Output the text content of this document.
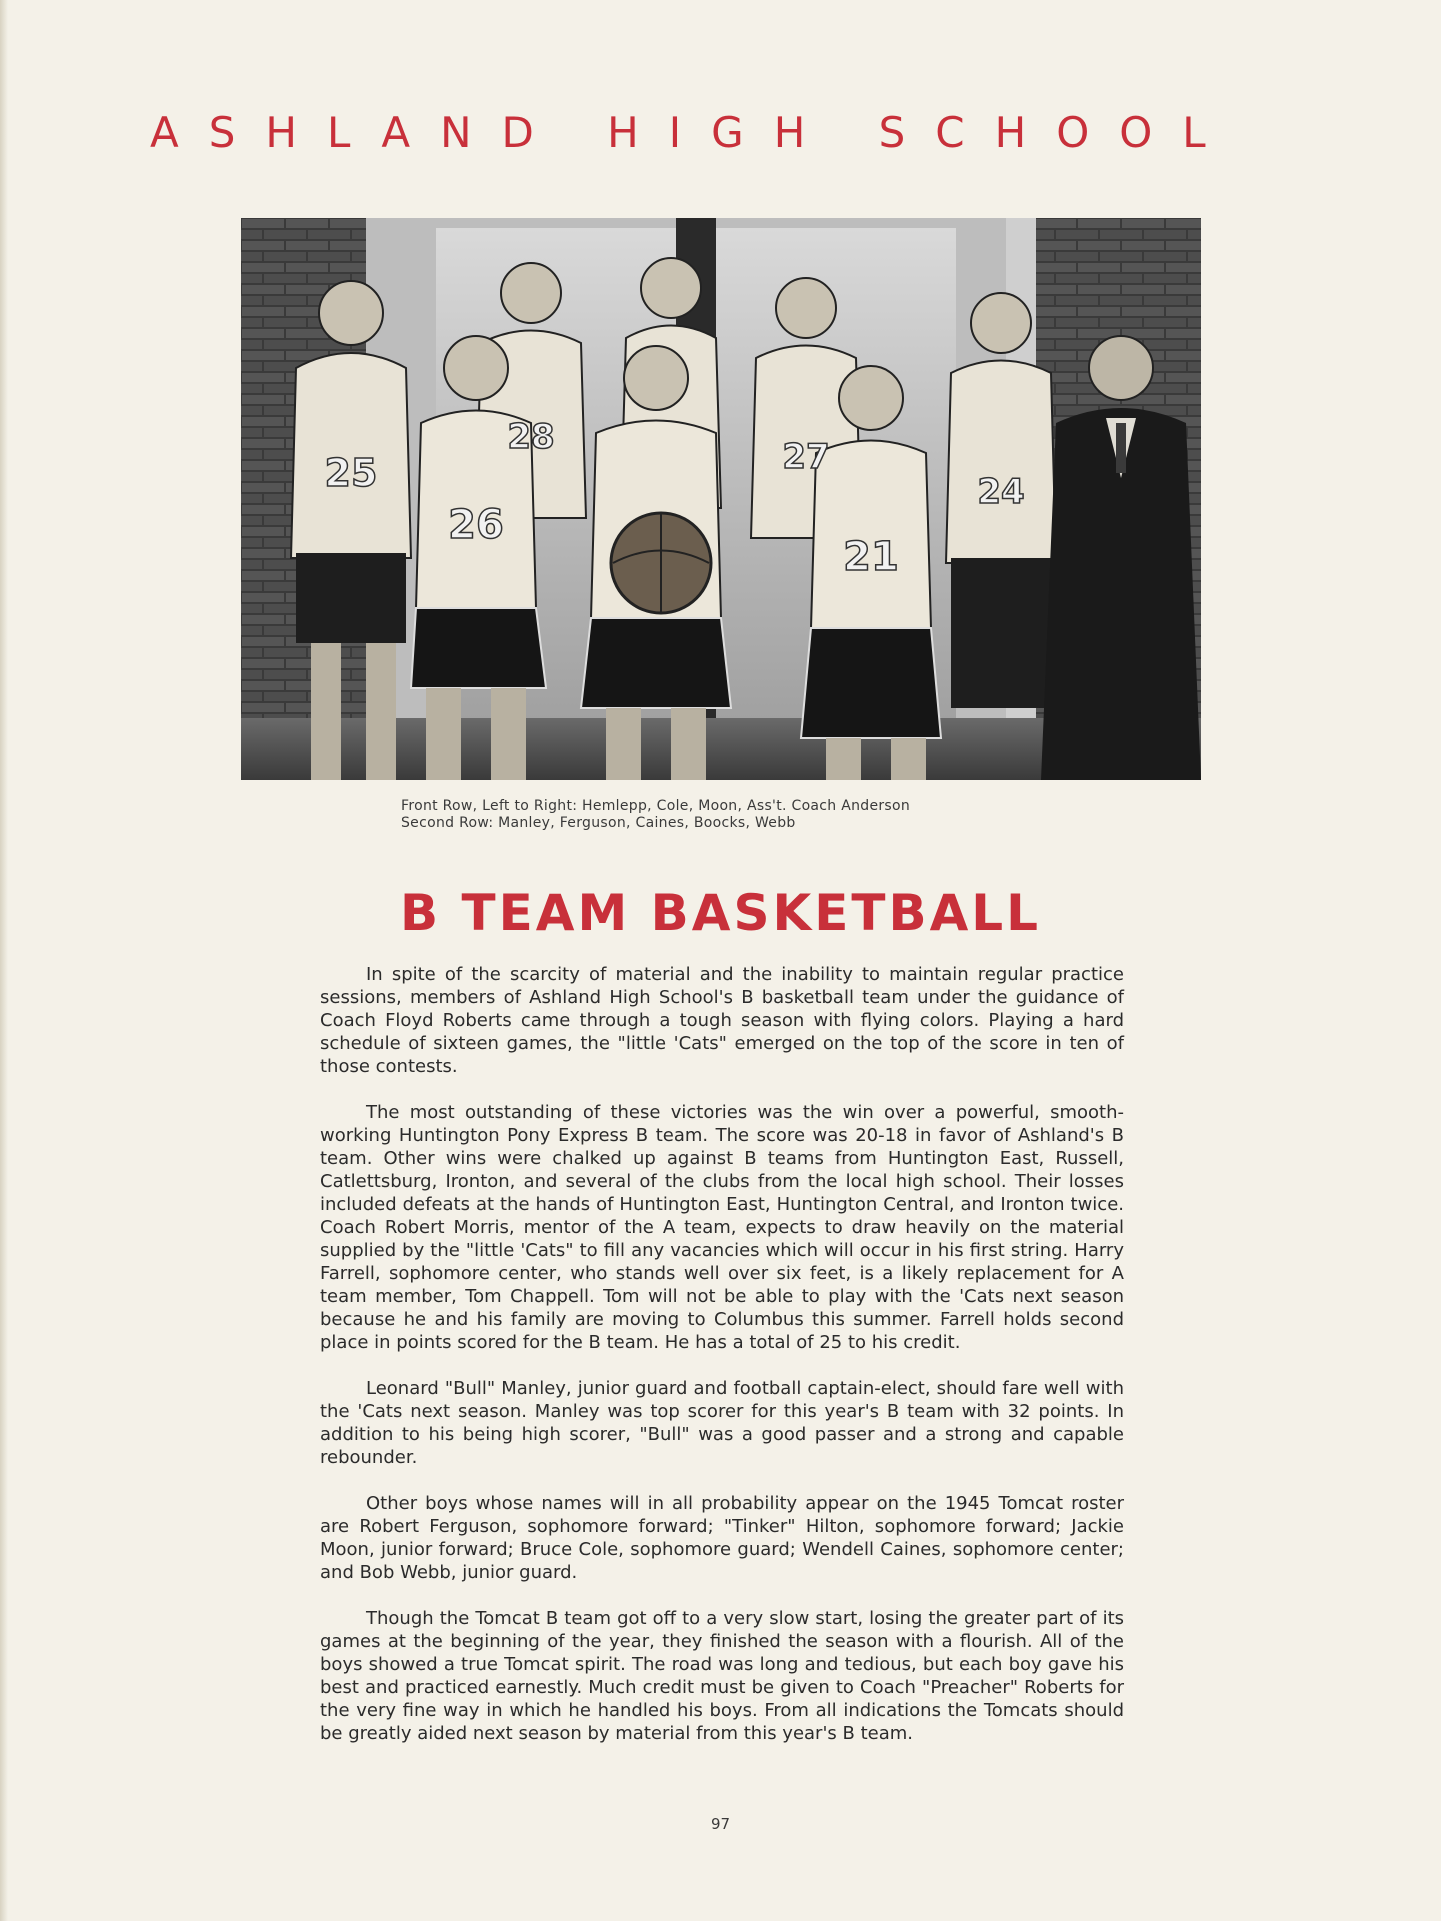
ASHLAND HIGH SCHOOL
25
28	27
24
26
21
Front Row, Left to Right: Hemlepp, Cole, Moon, Ass't. Coach Anderson
Second Row: Manley, Ferguson, Caines, Boocks, Webb
B TEAM BASKETBALL

In spite of the scarcity of material and the inability to maintain regular practice sessions, members of Ashland High School's B basketball team under the guidance of Coach Floyd Roberts came through a tough season with flying colors. Playing a hard schedule of sixteen games, the "little 'Cats" emerged on the top of the score in ten of those contests.

The most outstanding of these victories was the win over a powerful, smooth-working Huntington Pony Express B team. The score was 20-18 in favor of Ashland's B team. Other wins were chalked up against B teams from Huntington East, Russell, Catlettsburg, Ironton, and several of the clubs from the local high school. Their losses included defeats at the hands of Huntington East, Huntington Central, and Ironton twice. Coach Robert Morris, mentor of the A team, expects to draw heavily on the material supplied by the "little 'Cats" to fill any vacancies which will occur in his first string. Harry Farrell, sophomore center, who stands well over six feet, is a likely replacement for A team member, Tom Chappell. Tom will not be able to play with the 'Cats next season because he and his family are moving to Columbus this summer. Farrell holds second place in points scored for the B team. He has a total of 25 to his credit.

Leonard "Bull" Manley, junior guard and football captain-elect, should fare well with the 'Cats next season. Manley was top scorer for this year's B team with 32 points. In addition to his being high scorer, "Bull" was a good passer and a strong and capable rebounder.

Other boys whose names will in all probability appear on the 1945 Tomcat roster are Robert Ferguson, sophomore forward; "Tinker" Hilton, sophomore forward; Jackie Moon, junior forward; Bruce Cole, sophomore guard; Wendell Caines, sophomore center; and Bob Webb, junior guard.

Though the Tomcat B team got off to a very slow start, losing the greater part of its games at the beginning of the year, they finished the season with a flourish. All of the boys showed a true Tomcat spirit. The road was long and tedious, but each boy gave his best and practiced earnestly. Much credit must be given to Coach "Preacher" Roberts for the very fine way in which he handled his boys. From all indications the Tomcats should be greatly aided next season by material from this year's B team.

97
